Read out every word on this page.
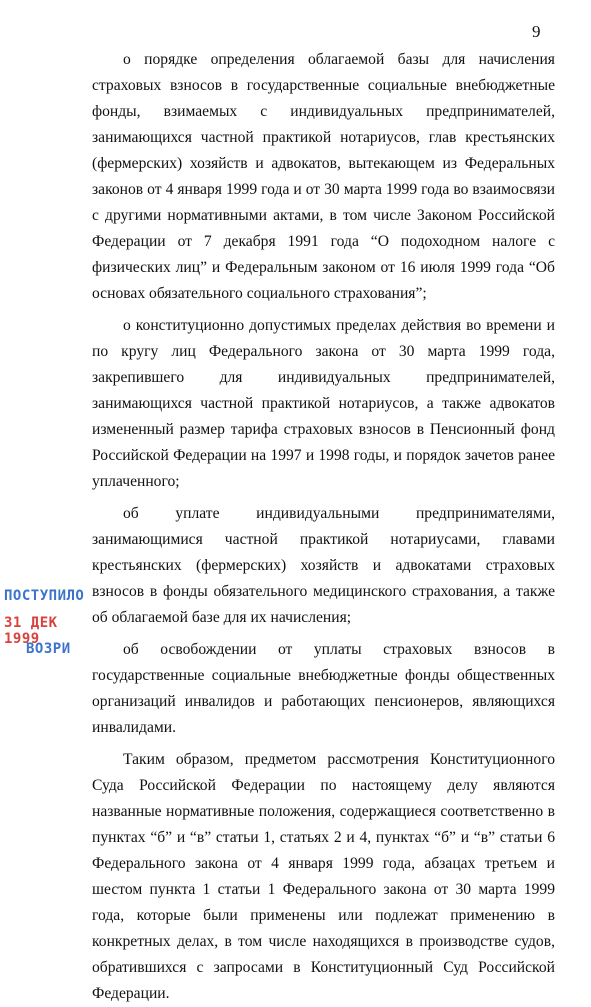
9

о порядке определения облагаемой базы для начисления страховых взносов в государственные социальные внебюджетные фонды, взимаемых с индивидуальных предпринимателей, занимающихся частной практикой нотариусов, глав крестьянских (фермерских) хозяйств и адвокатов, вытекающем из Федеральных законов от 4 января 1999 года и от 30 марта 1999 года во взаимосвязи с другими нормативными актами, в том числе Законом Российской Федерации от 7 декабря 1991 года “О подоходном налоге с физических лиц” и Федеральным законом от 16 июля 1999 года “Об основах обязательного социального страхования”;

о конституционно допустимых пределах действия во времени и по кругу лиц Федерального закона от 30 марта 1999 года, закрепившего для индивидуальных предпринимателей, занимающихся частной практикой нотариусов, а также адвокатов измененный размер тарифа страховых взносов в Пенсионный фонд Российской Федерации на 1997 и 1998 годы, и порядок зачетов ранее уплаченного;

об уплате индивидуальными предпринимателями, занимающимися частной практикой нотариусами, главами крестьянских (фермерских) хозяйств и адвокатами страховых взносов в фонды обязательного медицинского страхования, а также об облагаемой базе для их начисления;

об освобождении от уплаты страховых взносов в государственные социальные внебюджетные фонды общественных организаций инвалидов и работающих пенсионеров, являющихся инвалидами.

Таким образом, предметом рассмотрения Конституционного Суда Российской Федерации по настоящему делу являются названные нормативные положения, содержащиеся соответственно в пунктах “б” и “в” статьи 1, статьях 2 и 4, пунктах “б” и “в” статьи 6 Федерального закона от 4 января 1999 года, абзацах третьем и шестом пункта 1 статьи 1 Федерального закона от 30 марта 1999 года, которые были применены или подлежат применению в конкретных делах, в том числе находящихся в производстве судов, обратившихся с запросами в Конституционный Суд Российской Федерации.

ПОСТУПИЛО
31 ДЕК 1999
ВОЗРИ
